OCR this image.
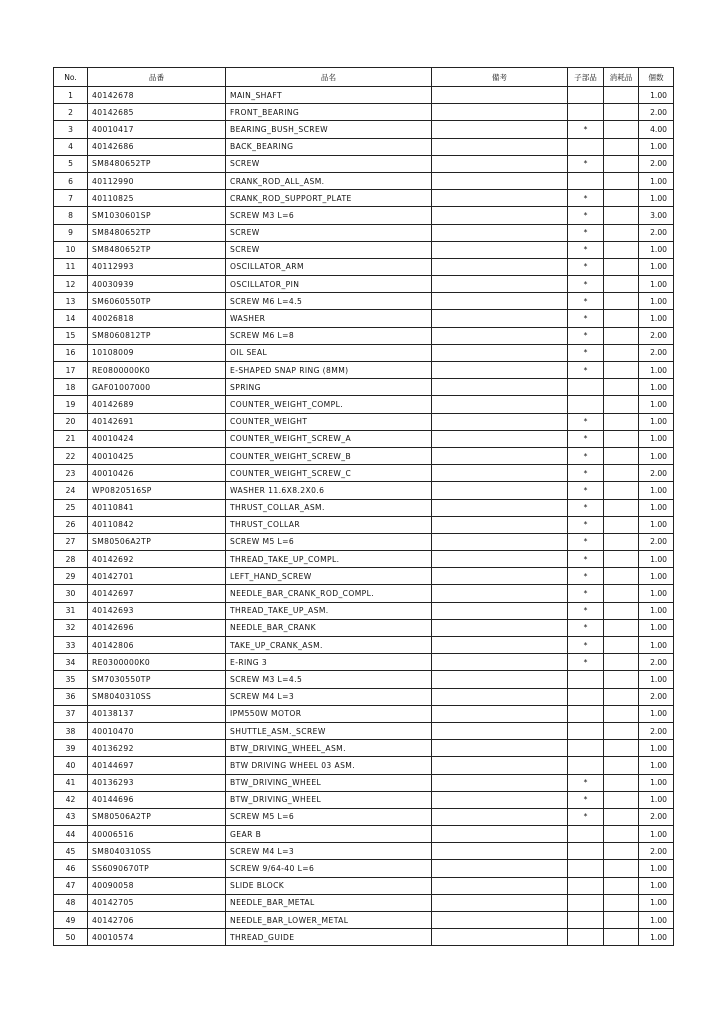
No.	品番	品名	備考	子部品	消耗品	個数
1	40142678	MAIN_SHAFT				1.00
2	40142685	FRONT_BEARING				2.00
3	40010417	BEARING_BUSH_SCREW		*		4.00
4	40142686	BACK_BEARING				1.00
5	SM8480652TP	SCREW		*		2.00
6	40112990	CRANK_ROD_ALL_ASM.				1.00
7	40110825	CRANK_ROD_SUPPORT_PLATE		*		1.00
8	SM1030601SP	SCREW M3 L=6		*		3.00
9	SM8480652TP	SCREW		*		2.00
10	SM8480652TP	SCREW		*		1.00
11	40112993	OSCILLATOR_ARM		*		1.00
12	40030939	OSCILLATOR_PIN		*		1.00
13	SM6060550TP	SCREW M6 L=4.5		*		1.00
14	40026818	WASHER		*		1.00
15	SM8060812TP	SCREW M6 L=8		*		2.00
16	10108009	OIL SEAL		*		2.00
17	RE0800000K0	E-SHAPED SNAP RING (8MM)		*		1.00
18	GAF01007000	SPRING				1.00
19	40142689	COUNTER_WEIGHT_COMPL.				1.00
20	40142691	COUNTER_WEIGHT		*		1.00
21	40010424	COUNTER_WEIGHT_SCREW_A		*		1.00
22	40010425	COUNTER_WEIGHT_SCREW_B		*		1.00
23	40010426	COUNTER_WEIGHT_SCREW_C		*		2.00
24	WP0820516SP	WASHER 11.6X8.2X0.6		*		1.00
25	40110841	THRUST_COLLAR_ASM.		*		1.00
26	40110842	THRUST_COLLAR		*		1.00
27	SM80506A2TP	SCREW M5 L=6		*		2.00
28	40142692	THREAD_TAKE_UP_COMPL.		*		1.00
29	40142701	LEFT_HAND_SCREW		*		1.00
30	40142697	NEEDLE_BAR_CRANK_ROD_COMPL.		*		1.00
31	40142693	THREAD_TAKE_UP_ASM.		*		1.00
32	40142696	NEEDLE_BAR_CRANK		*		1.00
33	40142806	TAKE_UP_CRANK_ASM.		*		1.00
34	RE0300000K0	E-RING 3		*		2.00
35	SM7030550TP	SCREW M3 L=4.5				1.00
36	SM8040310SS	SCREW M4 L=3				2.00
37	40138137	IPM550W MOTOR				1.00
38	40010470	SHUTTLE_ASM._SCREW				2.00
39	40136292	BTW_DRIVING_WHEEL_ASM.				1.00
40	40144697	BTW DRIVING WHEEL 03 ASM.				1.00
41	40136293	BTW_DRIVING_WHEEL		*		1.00
42	40144696	BTW_DRIVING_WHEEL		*		1.00
43	SM80506A2TP	SCREW M5 L=6		*		2.00
44	40006516	GEAR B				1.00
45	SM8040310SS	SCREW M4 L=3				2.00
46	SS6090670TP	SCREW 9/64-40 L=6				1.00
47	40090058	SLIDE BLOCK				1.00
48	40142705	NEEDLE_BAR_METAL				1.00
49	40142706	NEEDLE_BAR_LOWER_METAL				1.00
50	40010574	THREAD_GUIDE				1.00
